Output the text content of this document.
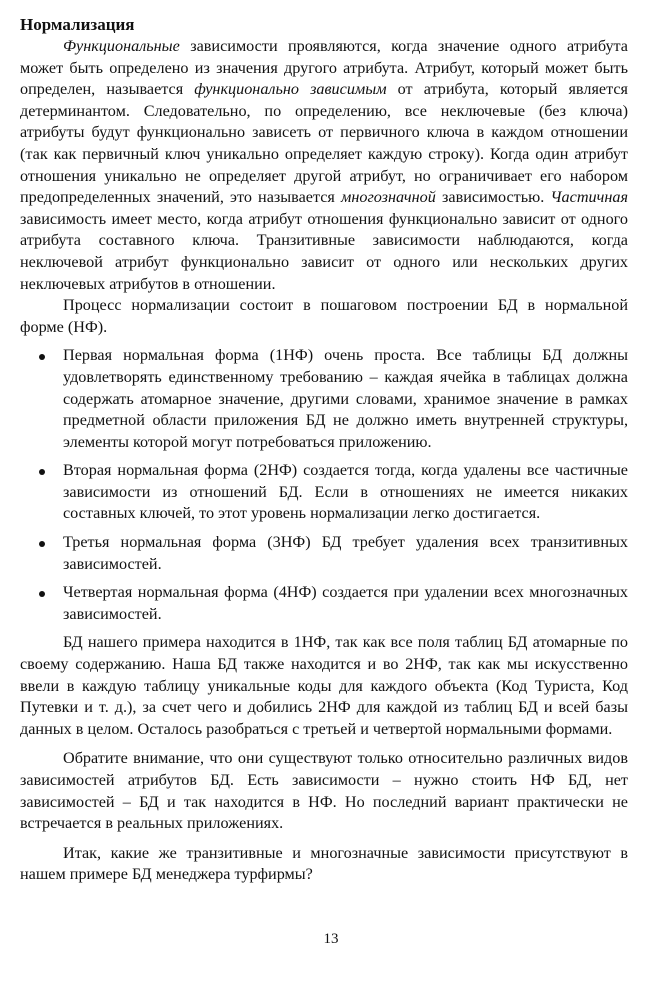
Нормализация

Функциональные зависимости проявляются, когда значение одного атрибута может быть определено из значения другого атрибута. Атрибут, который может быть определен, называется функционально зависимым от атрибута, который является детерминантом. Следовательно, по определению, все неключевые (без ключа) атрибуты будут функционально зависеть от первичного ключа в каждом отношении (так как первичный ключ уникально определяет каждую строку). Когда один атрибут отношения уникально не определяет другой атрибут, но ограничивает его набором предопределенных значений, это называется многозначной зависимостью. Частичная зависимость имеет место, когда атрибут отношения функционально зависит от одного атрибута составного ключа. Транзитивные зависимости наблюдаются, когда неключевой атрибут функционально зависит от одного или нескольких других неключевых атрибутов в отношении.

Процесс нормализации состоит в пошаговом построении БД в нормальной форме (НФ).

Первая нормальная форма (1НФ) очень проста. Все таблицы БД должны удовлетворять единственному требованию – каждая ячейка в таблицах должна содержать атомарное значение, другими словами, хранимое значение в рамках предметной области приложения БД не должно иметь внутренней структуры, элементы которой могут потребоваться приложению.
Вторая нормальная форма (2НФ) создается тогда, когда удалены все частичные зависимости из отношений БД. Если в отношениях не имеется никаких составных ключей, то этот уровень нормализации легко достигается.
Третья нормальная форма (3НФ) БД требует удаления всех транзитивных зависимостей.
Четвертая нормальная форма (4НФ) создается при удалении всех многозначных зависимостей.

БД нашего примера находится в 1НФ, так как все поля таблиц БД атомарные по своему содержанию. Наша БД также находится и во 2НФ, так как мы искусственно ввели в каждую таблицу уникальные коды для каждого объекта (Код Туриста, Код Путевки и т. д.), за счет чего и добились 2НФ для каждой из таблиц БД и всей базы данных в целом. Осталось разобраться с третьей и четвертой нормальными формами.

Обратите внимание, что они существуют только относительно различных видов зависимостей атрибутов БД. Есть зависимости – нужно стоить НФ БД, нет зависимостей – БД и так находится в НФ. Но последний вариант практически не встречается в реальных приложениях.

Итак, какие же транзитивные и многозначные зависимости присутствуют в нашем примере БД менеджера турфирмы?

13
